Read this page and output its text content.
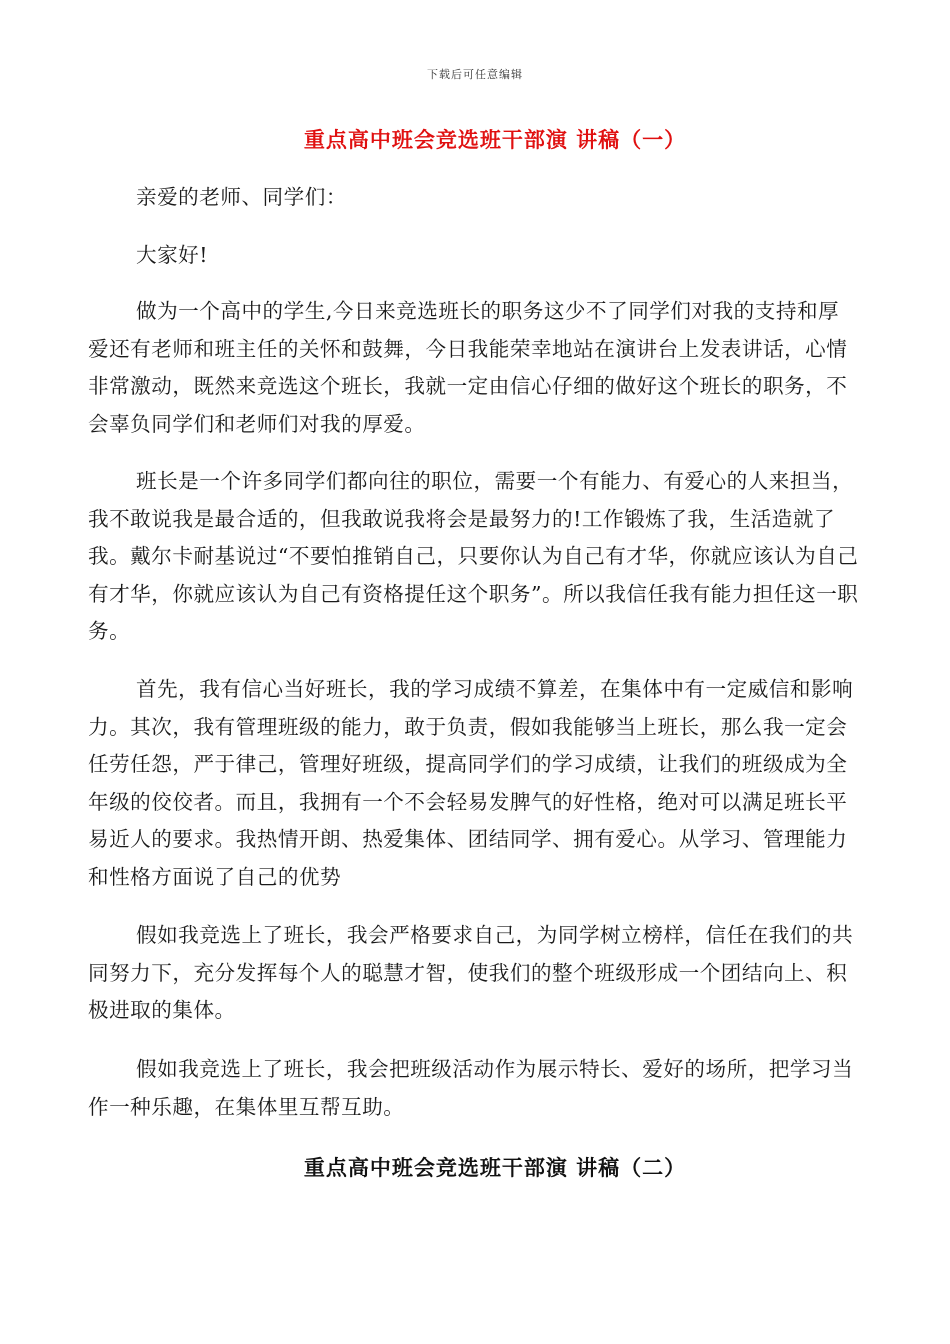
下载后可任意编辑
重点高中班会竞选班干部演 讲稿（一）

亲爱的老师、同学们：

大家好!

做为一个高中的学生,今日来竞选班长的职务这少不了同学们对我的支持和厚爱还有老师和班主任的关怀和鼓舞，今日我能荣幸地站在演讲台上发表讲话，心情非常激动，既然来竞选这个班长，我就一定由信心仔细的做好这个班长的职务，不会辜负同学们和老师们对我的厚爱。

班长是一个许多同学们都向往的职位，需要一个有能力、有爱心的人来担当，我不敢说我是最合适的，但我敢说我将会是最努力的!工作锻炼了我，生活造就了我。戴尔卡耐基说过“不要怕推销自己，只要你认为自己有才华，你就应该认为自己有才华，你就应该认为自己有资格提任这个职务”。所以我信任我有能力担任这一职务。

首先，我有信心当好班长，我的学习成绩不算差，在集体中有一定威信和影响力。其次，我有管理班级的能力，敢于负责，假如我能够当上班长，那么我一定会任劳任怨，严于律己，管理好班级，提高同学们的学习成绩，让我们的班级成为全年级的佼佼者。而且，我拥有一个不会轻易发脾气的好性格，绝对可以满足班长平易近人的要求。我热情开朗、热爱集体、团结同学、拥有爱心。从学习、管理能力和性格方面说了自己的优势

假如我竞选上了班长，我会严格要求自己，为同学树立榜样，信任在我们的共同努力下，充分发挥每个人的聪慧才智，使我们的整个班级形成一个团结向上、积极进取的集体。

假如我竞选上了班长，我会把班级活动作为展示特长、爱好的场所，把学习当作一种乐趣，在集体里互帮互助。

重点高中班会竞选班干部演 讲稿（二）
